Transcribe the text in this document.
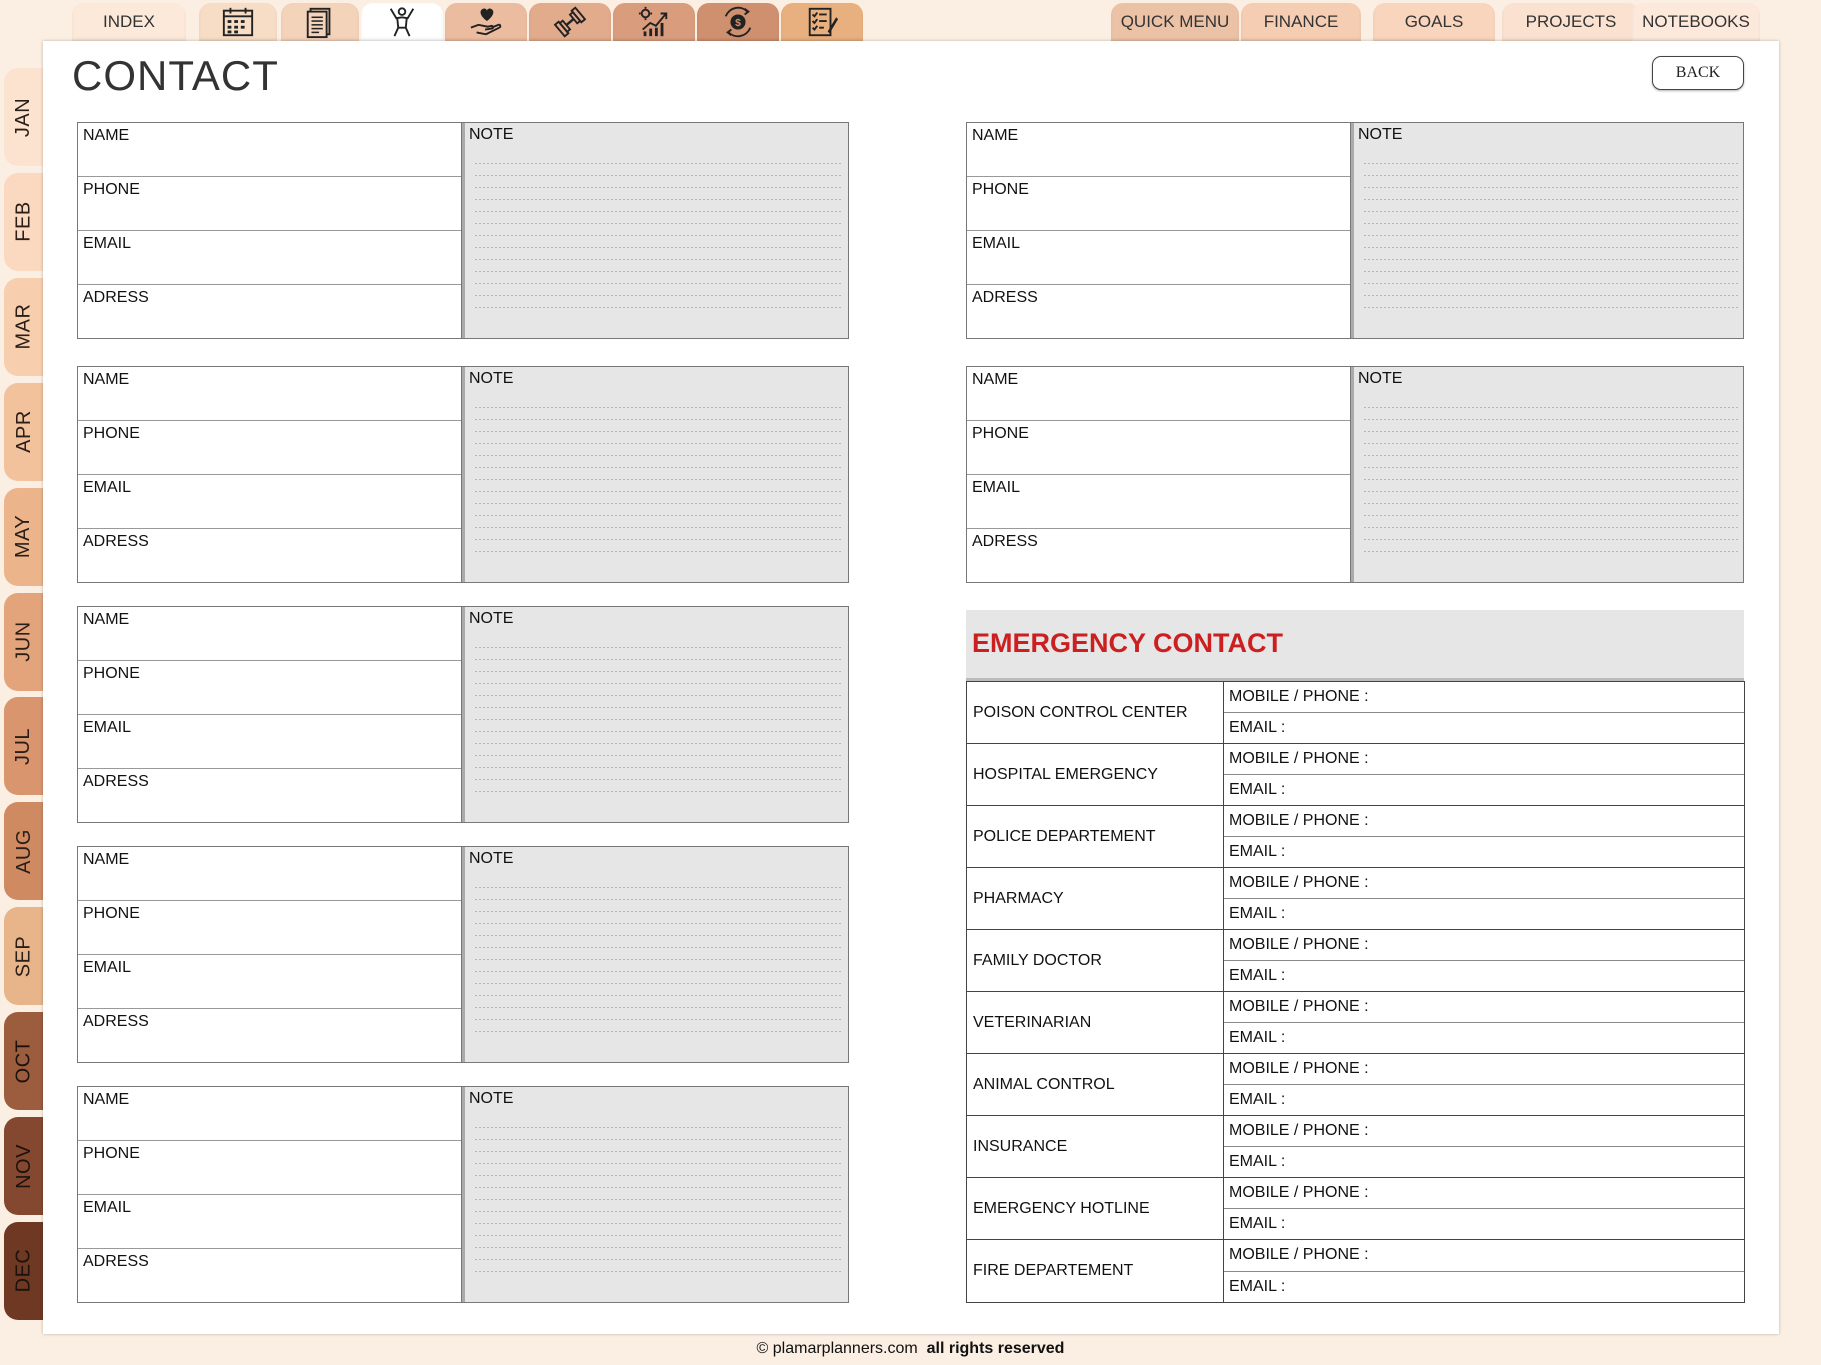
INDEX	$	QUICK MENU FINANCE	GOALS	PROJECTS NOTEBOOKS
JAN
FEB
MAR
APR
MAY
JUN
JUL
AUG
SEP
OCT
NOV
DEC
CONTACT	BACK
NAME
PHONE
EMAIL
ADRESS
NOTE
NAME
PHONE
EMAIL
ADRESS
NOTE
NAME
PHONE
EMAIL
ADRESS
NOTE
NAME
PHONE
EMAIL
ADRESS
NOTE
NAME
PHONE
EMAIL
ADRESS
NOTE
NAME
PHONE
EMAIL
ADRESS
NOTE
NAME
PHONE
EMAIL
ADRESS
NOTE
EMERGENCY CONTACT
POISON CONTROL CENTER
MOBILE / PHONE :
EMAIL :
HOSPITAL EMERGENCY
MOBILE / PHONE :
EMAIL :
POLICE DEPARTEMENT
MOBILE / PHONE :
EMAIL :
PHARMACY
MOBILE / PHONE :
EMAIL :
FAMILY DOCTOR
MOBILE / PHONE :
EMAIL :
VETERINARIAN
MOBILE / PHONE :
EMAIL :
ANIMAL CONTROL
MOBILE / PHONE :
EMAIL :
INSURANCE
MOBILE / PHONE :
EMAIL :
EMERGENCY HOTLINE
MOBILE / PHONE :
EMAIL :
FIRE DEPARTEMENT
MOBILE / PHONE :
EMAIL :
© plamarplanners.com all rights reserved
